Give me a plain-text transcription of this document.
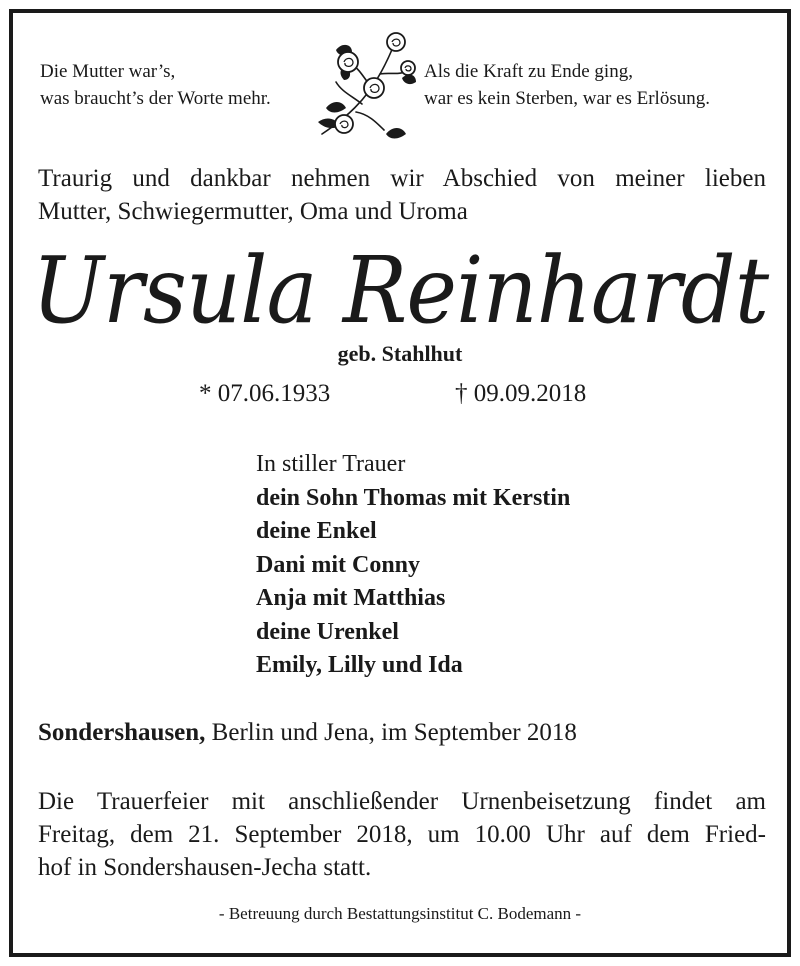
Die Mutter war’s,
was braucht’s der Worte mehr.
Als die Kraft zu Ende ging,
war es kein Sterben, war es Erlösung.
Traurig und dankbar nehmen wir Abschied von meiner lieben
Mutter, Schwiegermutter, Oma und Uroma
Ursula Reinhardt
geb. Stahlhut
* 07.06.1933	† 09.09.2018
In stiller Trauer
dein Sohn Thomas mit Kerstin
deine Enkel
Dani mit Conny
Anja mit Matthias
deine Urenkel
Emily, Lilly und Ida
Sondershausen, Berlin und Jena, im September 2018
Die Trauerfeier mit anschließender Urnenbeisetzung findet am
Freitag, dem 21. September 2018, um 10.00 Uhr auf dem Fried-
hof in Sondershausen-Jecha statt.
- Betreuung durch Bestattungsinstitut C. Bodemann -
